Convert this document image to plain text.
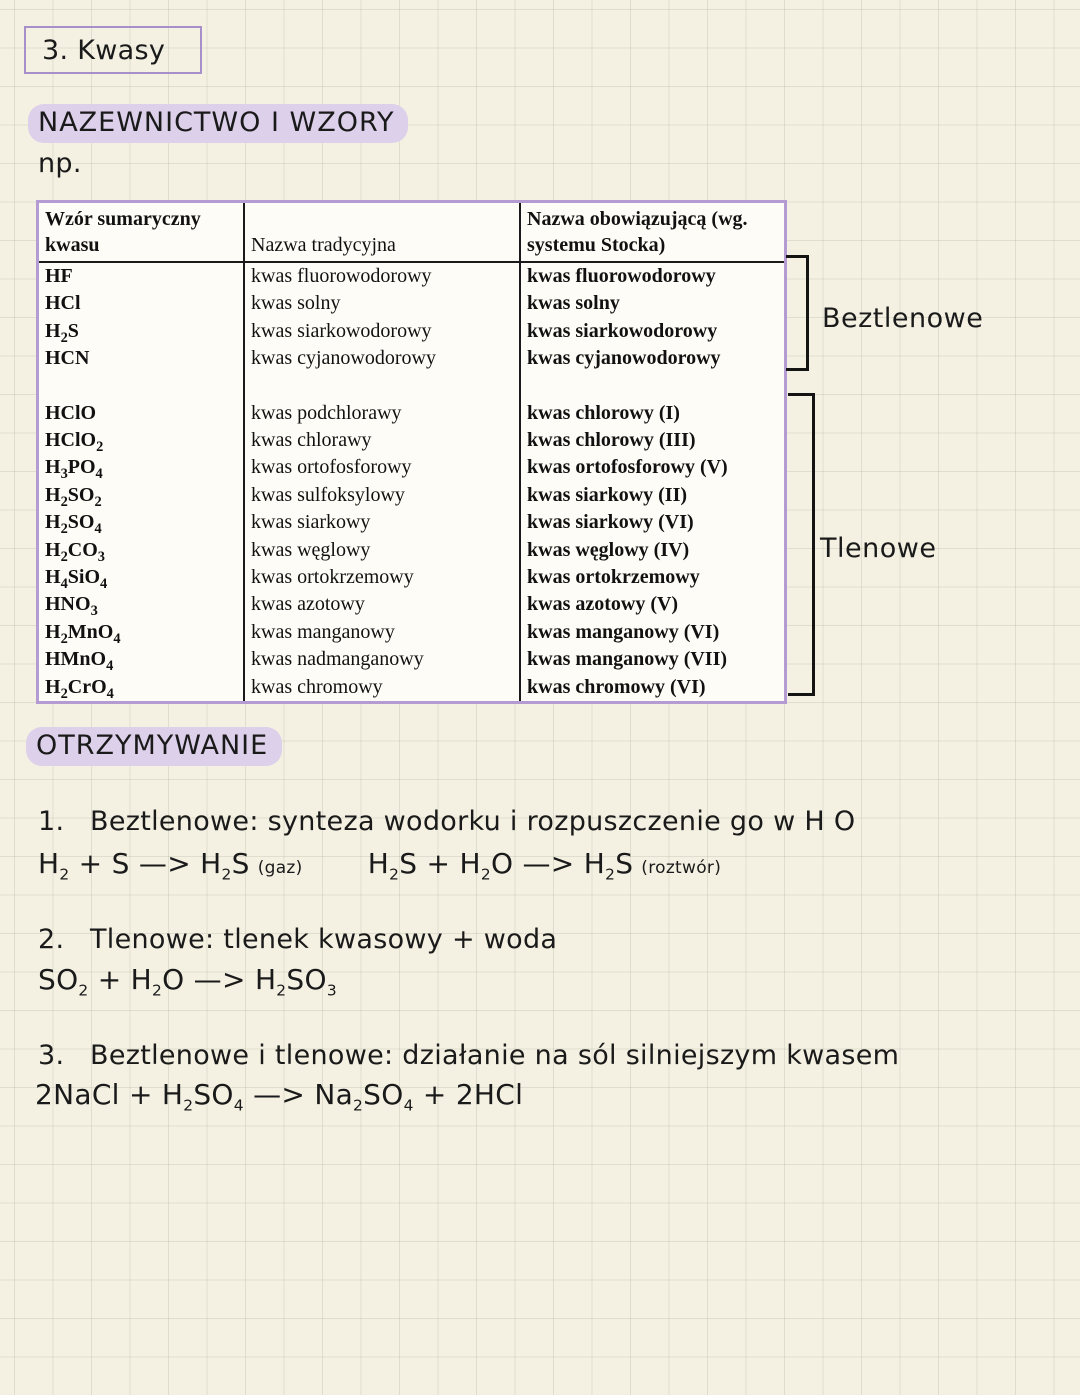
3. Kwasy
NAZEWNICTWO I WZORY
np.
Wzór sumaryczny kwasu	Nazwa tradycyjna	Nazwa obowiązującą (wg. systemu Stocka)
HF	kwas fluorowodorowy	kwas fluorowodorowy
HCl	kwas solny	kwas solny
$H_2S$	kwas siarkowodorowy	kwas siarkowodorowy
HCN	kwas cyjanowodorowy	kwas cyjanowodorowy

HClO	kwas podchlorawy	kwas chlorowy (I)
HClO$_2$	kwas chlorawy	kwas chlorowy (III)
$H_3PO_4$	kwas ortofosforowy	kwas ortofosforowy (V)
$H_2SO_2$	kwas sulfoksylowy	kwas siarkowy (II)
$H_2SO_4$	kwas siarkowy	kwas siarkowy (VI)
$H_2CO_3$	kwas węglowy	kwas węglowy (IV)
$H_4SiO_4$	kwas ortokrzemowy	kwas ortokrzemowy
$HNO_3$	kwas azotowy	kwas azotowy (V)
$H_2MnO_4$	kwas manganowy	kwas manganowy (VI)
HMnO$_4$	kwas nadmanganowy	kwas manganowy (VII)
$H_2CrO_4$	kwas chromowy	kwas chromowy (VI)
Beztlenowe
Tlenowe
OTRZYMYWANIE
1. Beztlenowe: synteza wodorku i rozpuszczenie go w H O
$H_2 + S$ —> $H_2S$ (gaz) $H_2S + H_2O$ —> $H_2S$ (roztwór)
2. Tlenowe: tlenek kwasowy + woda
$SO_2 + H_2O$ —> $H_2SO_3$
3. Beztlenowe i tlenowe: działanie na sól silniejszym kwasem
2NaCl + $H_2SO_4$ —> $Na_2SO_4 + 2HCl$
